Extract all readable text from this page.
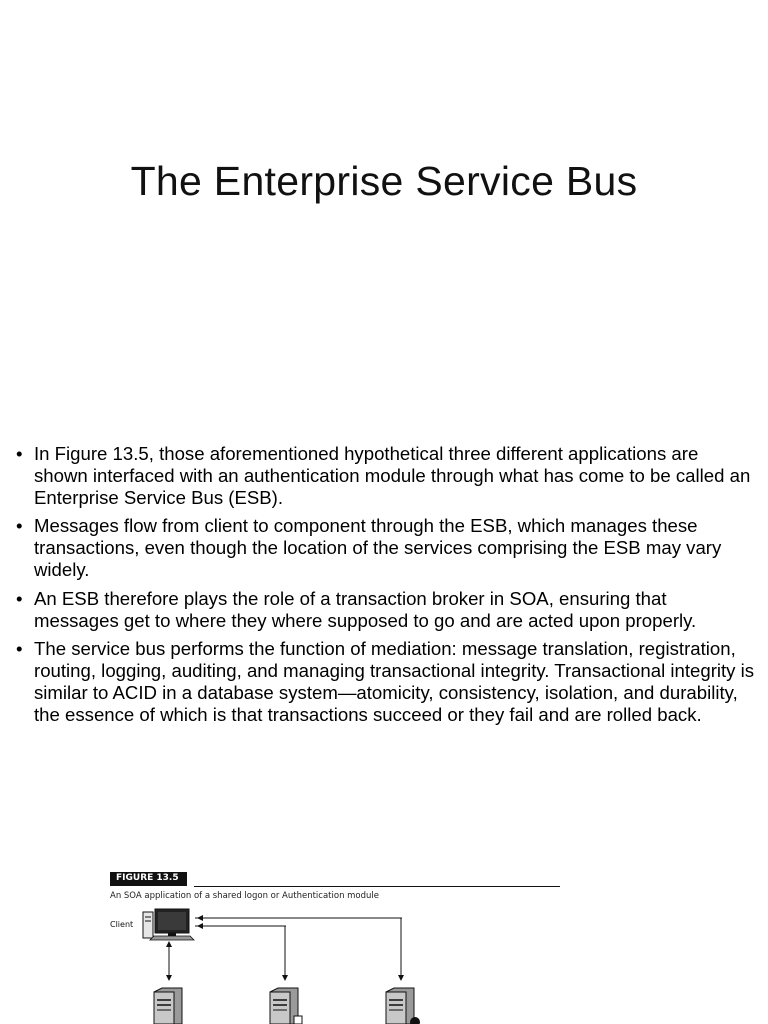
The Enterprise Service Bus
• In Figure 13.5, those aforementioned hypothetical three different applications are shown interfaced with an authentication module through what has come to be called an Enterprise Service Bus (ESB).
• Messages flow from client to component through the ESB, which manages these transactions, even though the location of the services comprising the ESB may vary widely.
• An ESB therefore plays the role of a transaction broker in SOA, ensuring that messages get to where they where supposed to go and are acted upon properly.
• The service bus performs the function of mediation: message translation, registration, routing, logging, auditing, and managing transactional integrity. Transactional integrity is similar to ACID in a database system—atomicity, consistency, isolation, and durability, the essence of which is that transactions succeed or they fail and are rolled back.
Client
FIGURE 13.5
An SOA application of a shared logon or Authentication module
